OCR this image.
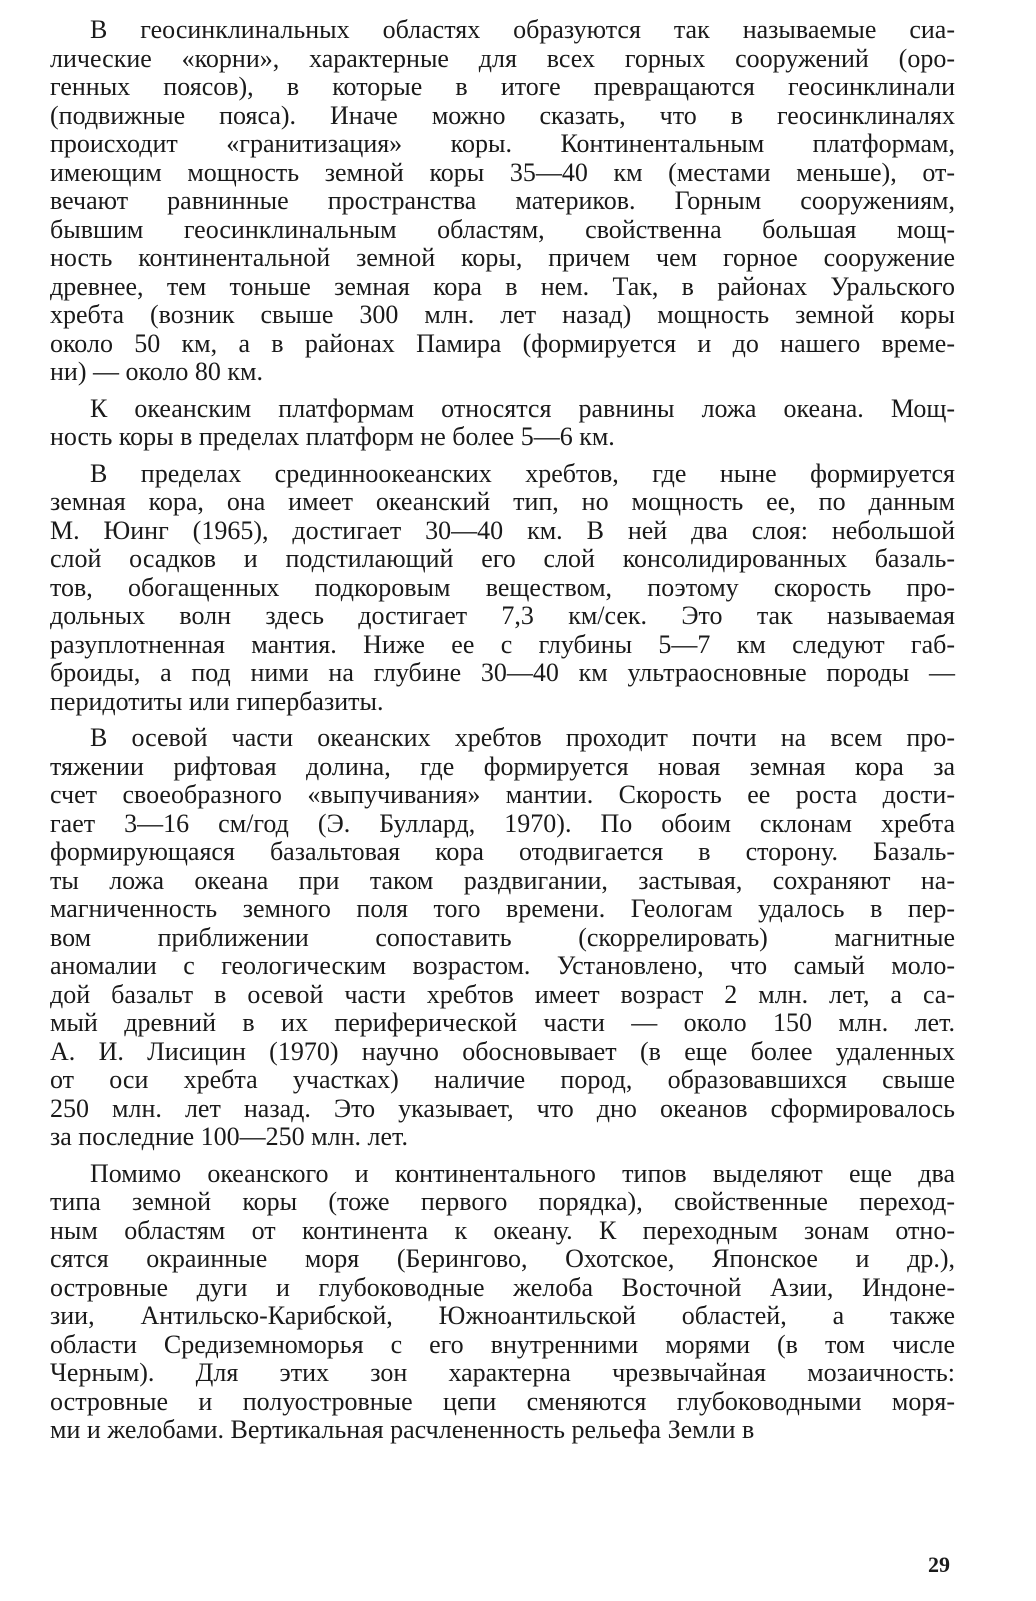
В геосинклинальных областях образуются так называемые сиа-
лические «корни», характерные для всех горных сооружений (оро-
генных поясов), в которые в итоге превращаются геосинклинали
(подвижные пояса). Иначе можно сказать, что в геосинклиналях
происходит «гранитизация» коры. Континентальным платформам,
имеющим мощность земной коры 35—40 км (местами меньше), от-
вечают равнинные пространства материков. Горным сооружениям,
бывшим геосинклинальным областям, свойственна большая мощ-
ность континентальной земной коры, причем чем горное сооружение
древнее, тем тоньше земная кора в нем. Так, в районах Уральского
хребта (возник свыше 300 млн. лет назад) мощность земной коры
около 50 км, а в районах Памира (формируется и до нашего време-
ни) — около 80 км.
К океанским платформам относятся равнины ложа океана. Мощ-
ность коры в пределах платформ не более 5—6 км.
В пределах срединноокеанских хребтов, где ныне формируется
земная кора, она имеет океанский тип, но мощность ее, по данным
М. Юинг (1965), достигает 30—40 км. В ней два слоя: небольшой
слой осадков и подстилающий его слой консолидированных базаль-
тов, обогащенных подкоровым веществом, поэтому скорость про-
дольных волн здесь достигает 7,3 км/сек. Это так называемая
разуплотненная мантия. Ниже ее с глубины 5—7 км следуют габ-
броиды, а под ними на глубине 30—40 км ультраосновные породы —
перидотиты или гипербазиты.
В осевой части океанских хребтов проходит почти на всем про-
тяжении рифтовая долина, где формируется новая земная кора за
счет своеобразного «выпучивания» мантии. Скорость ее роста дости-
гает 3—16 см/год (Э. Буллард, 1970). По обоим склонам хребта
формирующаяся базальтовая кора отодвигается в сторону. Базаль-
ты ложа океана при таком раздвигании, застывая, сохраняют на-
магниченность земного поля того времени. Геологам удалось в пер-
вом приближении сопоставить (скоррелировать) магнитные
аномалии с геологическим возрастом. Установлено, что самый моло-
дой базальт в осевой части хребтов имеет возраст 2 млн. лет, а са-
мый древний в их периферической части — около 150 млн. лет.
А. И. Лисицин (1970) научно обосновывает (в еще более удаленных
от оси хребта участках) наличие пород, образовавшихся свыше
250 млн. лет назад. Это указывает, что дно океанов сформировалось
за последние 100—250 млн. лет.
Помимо океанского и континентального типов выделяют еще два
типа земной коры (тоже первого порядка), свойственные переход-
ным областям от континента к океану. К переходным зонам отно-
сятся окраинные моря (Берингово, Охотское, Японское и др.),
островные дуги и глубоководные желоба Восточной Азии, Индоне-
зии, Антильско-Карибской, Южноантильской областей, а также
области Средиземноморья с его внутренними морями (в том числе
Черным). Для этих зон характерна чрезвычайная мозаичность:
островные и полуостровные цепи сменяются глубоководными моря-
ми и желобами. Вертикальная расчлененность рельефа Земли в
29
